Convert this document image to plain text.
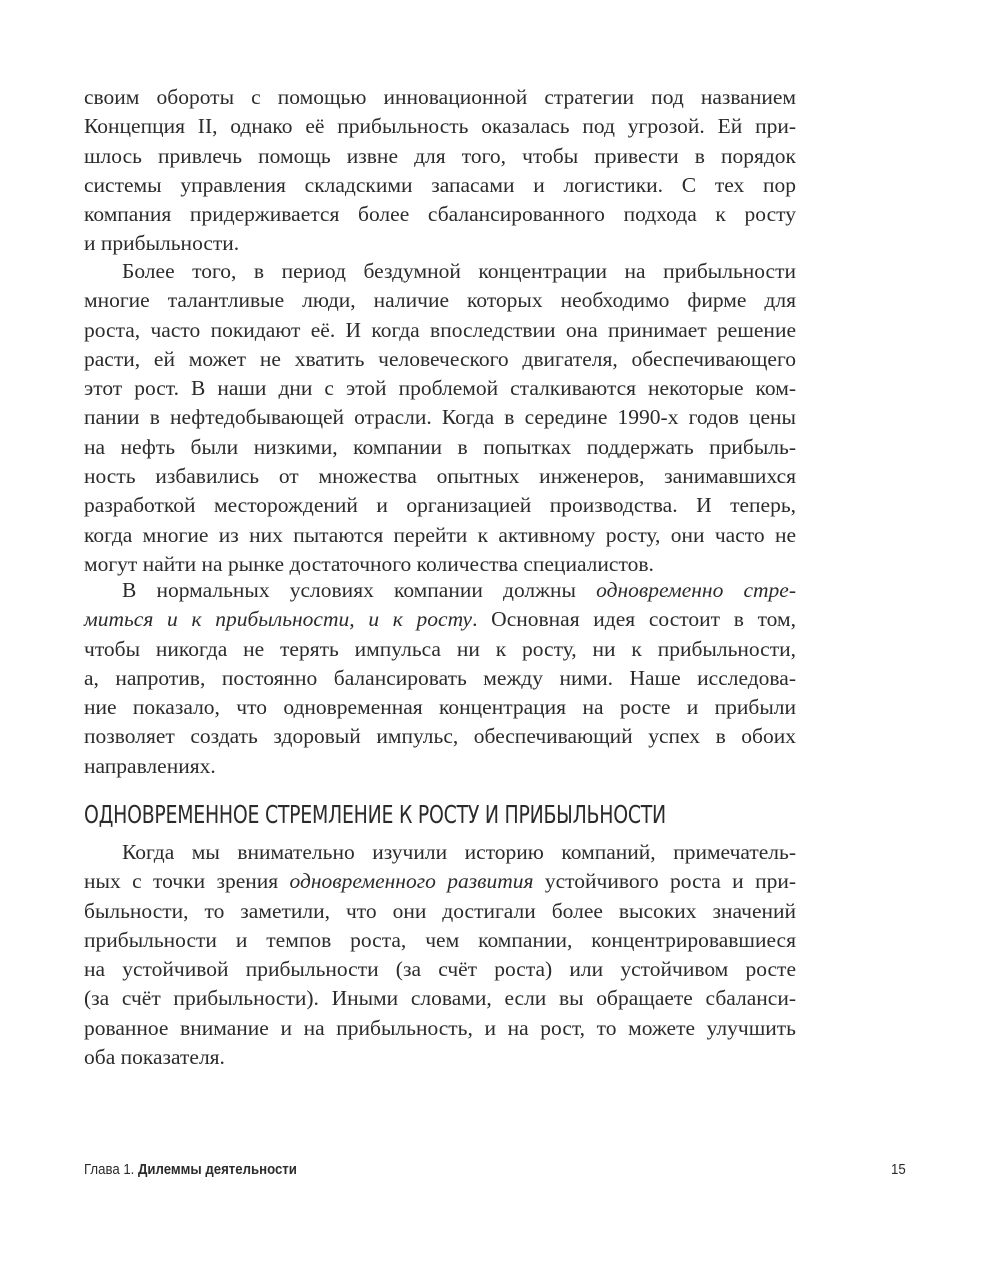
своим обороты с помощью инновационной стратегии под названием
Концепция II, однако её прибыльность оказалась под угрозой. Ей при-
шлось привлечь помощь извне для того, чтобы привести в порядок
системы управления складскими запасами и логистики. С тех пор
компания придерживается более сбалансированного подхода к росту
и прибыльности.
Более того, в период бездумной концентрации на прибыльности
многие талантливые люди, наличие которых необходимо фирме для
роста, часто покидают её. И когда впоследствии она принимает решение
расти, ей может не хватить человеческого двигателя, обеспечивающего
этот рост. В наши дни с этой проблемой сталкиваются некоторые ком-
пании в нефтедобывающей отрасли. Когда в середине 1990-х годов цены
на нефть были низкими, компании в попытках поддержать прибыль-
ность избавились от множества опытных инженеров, занимавшихся
разработкой месторождений и организацией производства. И теперь,
когда многие из них пытаются перейти к активному росту, они часто не
могут найти на рынке достаточного количества специалистов.
В нормальных условиях компании должны одновременно стре-
миться и к прибыльности, и к росту. Основная идея состоит в том,
чтобы никогда не терять импульса ни к росту, ни к прибыльности,
а, напротив, постоянно балансировать между ними. Наше исследова-
ние показало, что одновременная концентрация на росте и прибыли
позволяет создать здоровый импульс, обеспечивающий успех в обоих
направлениях.
ОДНОВРЕМЕННОЕ СТРЕМЛЕНИЕ К РОСТУ И ПРИБЫЛЬНОСТИ
Когда мы внимательно изучили историю компаний, примечатель-
ных с точки зрения одновременного развития устойчивого роста и при-
быльности, то заметили, что они достигали более высоких значений
прибыльности и темпов роста, чем компании, концентрировавшиеся
на устойчивой прибыльности (за счёт роста) или устойчивом росте
(за счёт прибыльности). Иными словами, если вы обращаете сбаланси-
рованное внимание и на прибыльность, и на рост, то можете улучшить
оба показателя.
Глава 1. Дилеммы деятельности	15
